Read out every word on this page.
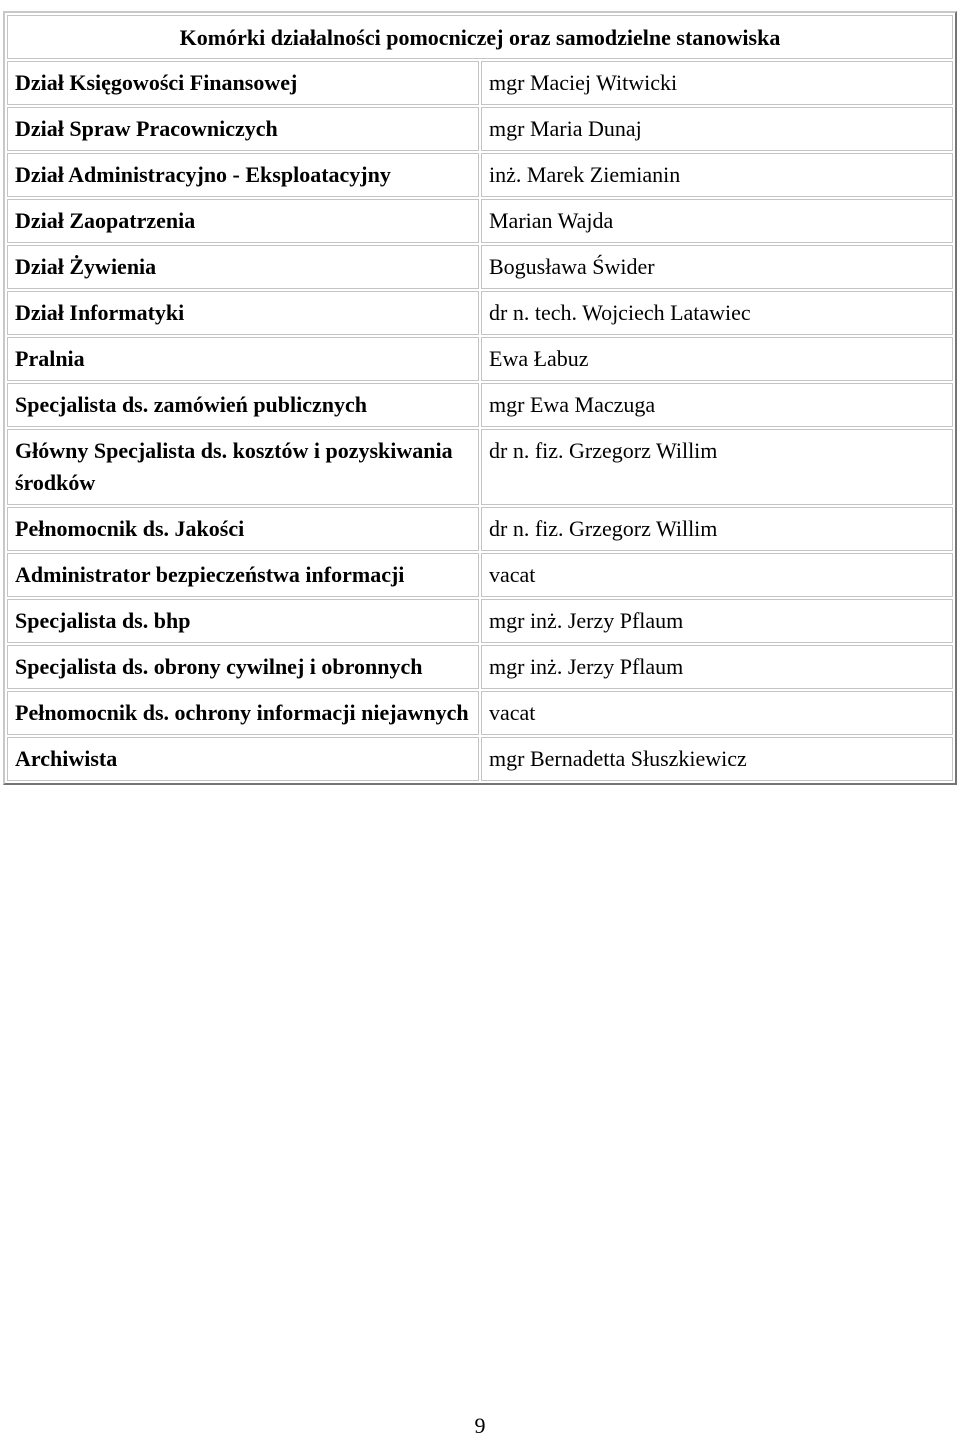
Komórki działalności pomocniczej oraz samodzielne stanowiska	
Dział Księgowości Finansowej	mgr Maciej Witwicki
Dział Spraw Pracowniczych	mgr Maria Dunaj
Dział Administracyjno - Eksploatacyjny	inż. Marek Ziemianin
Dział Zaopatrzenia	Marian Wajda
Dział Żywienia	Bogusława Świder
Dział Informatyki	dr n. tech. Wojciech Latawiec
Pralnia	Ewa Łabuz
Specjalista ds. zamówień publicznych	mgr Ewa Maczuga
Główny Specjalista ds. kosztów i pozyskiwania środków	dr n. fiz. Grzegorz Willim
Pełnomocnik ds. Jakości	dr n. fiz. Grzegorz Willim
Administrator bezpieczeństwa informacji	vacat
Specjalista ds. bhp	mgr inż. Jerzy Pflaum
Specjalista ds. obrony cywilnej i obronnych	mgr inż. Jerzy Pflaum
Pełnomocnik ds. ochrony informacji niejawnych	vacat
Archiwista	mgr Bernadetta Słuszkiewicz
9
